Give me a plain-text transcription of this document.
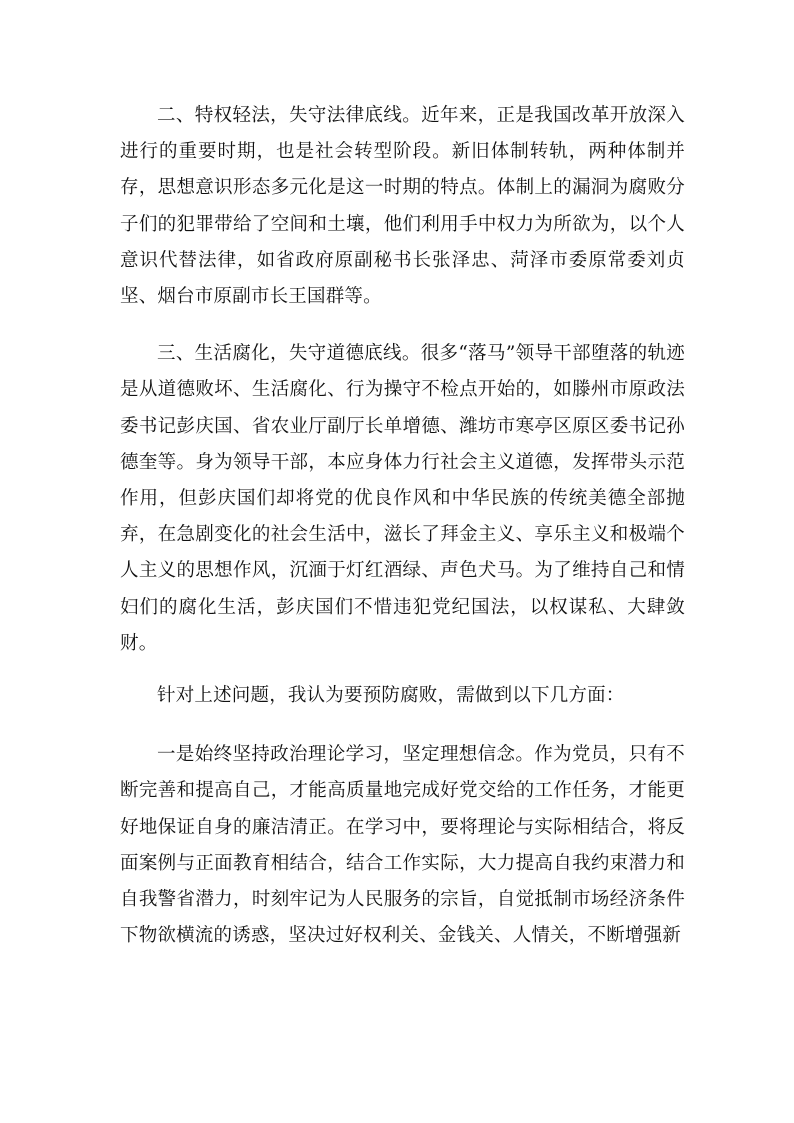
二、特权轻法，失守法律底线。近年来，正是我国改革开放深入进行的重要时期，也是社会转型阶段。新旧体制转轨，两种体制并存，思想意识形态多元化是这一时期的特点。体制上的漏洞为腐败分子们的犯罪带给了空间和土壤，他们利用手中权力为所欲为，以个人意识代替法律，如省政府原副秘书长张泽忠、菏泽市委原常委刘贞坚、烟台市原副市长王国群等。

三、生活腐化，失守道德底线。很多“落马”领导干部堕落的轨迹是从道德败坏、生活腐化、行为操守不检点开始的，如滕州市原政法委书记彭庆国、省农业厅副厅长单增德、潍坊市寒亭区原区委书记孙德奎等。身为领导干部，本应身体力行社会主义道德，发挥带头示范作用，但彭庆国们却将党的优良作风和中华民族的传统美德全部抛弃，在急剧变化的社会生活中，滋长了拜金主义、享乐主义和极端个人主义的思想作风，沉湎于灯红酒绿、声色犬马。为了维持自己和情妇们的腐化生活，彭庆国们不惜违犯党纪国法，以权谋私、大肆敛财。

针对上述问题，我认为要预防腐败，需做到以下几方面：

一是始终坚持政治理论学习，坚定理想信念。作为党员，只有不断完善和提高自己，才能高质量地完成好党交给的工作任务，才能更好地保证自身的廉洁清正。在学习中，要将理论与实际相结合，将反面案例与正面教育相结合，结合工作实际，大力提高自我约束潜力和自我警省潜力，时刻牢记为人民服务的宗旨，自觉抵制市场经济条件下物欲横流的诱惑，坚决过好权利关、金钱关、人情关，不断增强新
